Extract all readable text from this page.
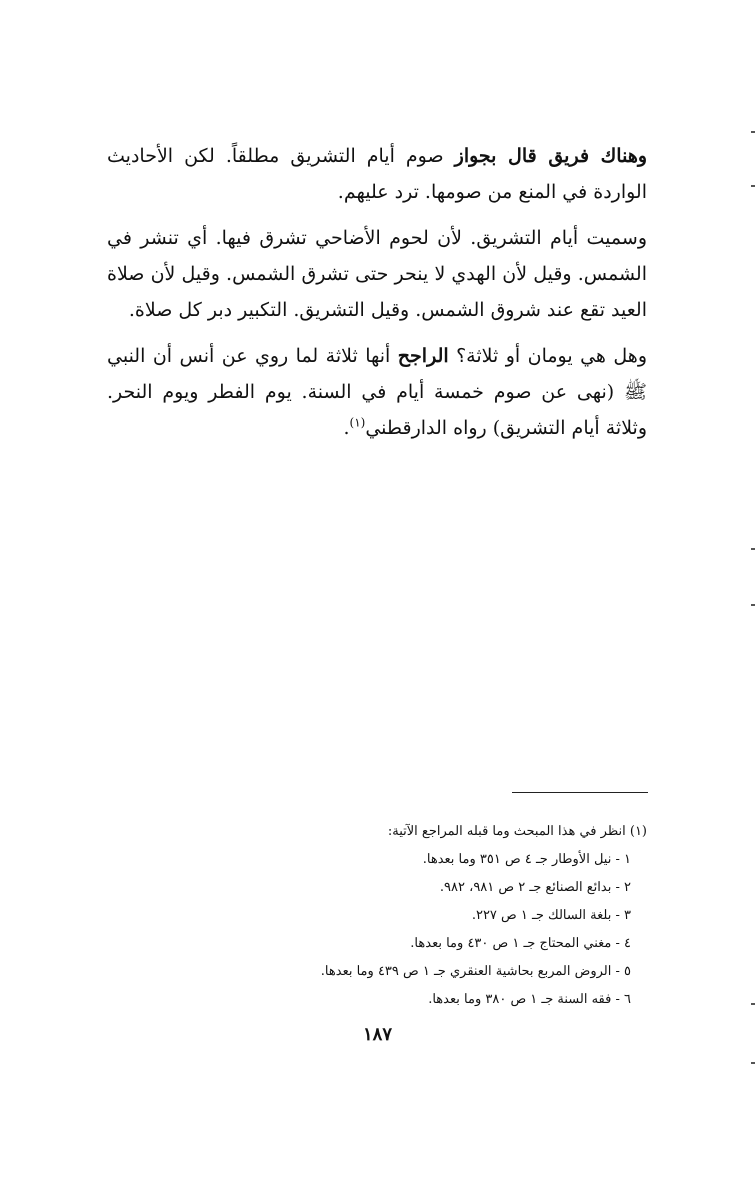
وهناك فريق قال بجواز صوم أيام التشريق مطلقاً. لكن الأحاديث الواردة في المنع من صومها. ترد عليهم.

وسميت أيام التشريق. لأن لحوم الأضاحي تشرق فيها. أي تنشر في الشمس. وقيل لأن الهدي لا ينحر حتى تشرق الشمس. وقيل لأن صلاة العيد تقع عند شروق الشمس. وقيل التشريق. التكبير دبر كل صلاة.

وهل هي يومان أو ثلاثة؟ الراجح أنها ثلاثة لما روي عن أنس أن النبي ﷺ (نهى عن صوم خمسة أيام في السنة. يوم الفطر ويوم النحر. وثلاثة أيام التشريق) رواه الدارقطني$^{(١)}$.

(١) انظر في هذا المبحث وما قبله المراجع الآتية:

١ - نيل الأوطار جـ ٤ ص ٣٥١ وما بعدها.

٢ - بدائع الصنائع جـ ٢ ص ٩٨١، ٩٨٢.

٣ - بلغة السالك جـ ١ ص ٢٢٧.

٤ - مغني المحتاج جـ ١ ص ٤٣٠ وما بعدها.

٥ - الروض المربع بحاشية العنقري جـ ١ ص ٤٣٩ وما بعدها.

٦ - فقه السنة جـ ١ ص ٣٨٠ وما بعدها.

١٨٧
